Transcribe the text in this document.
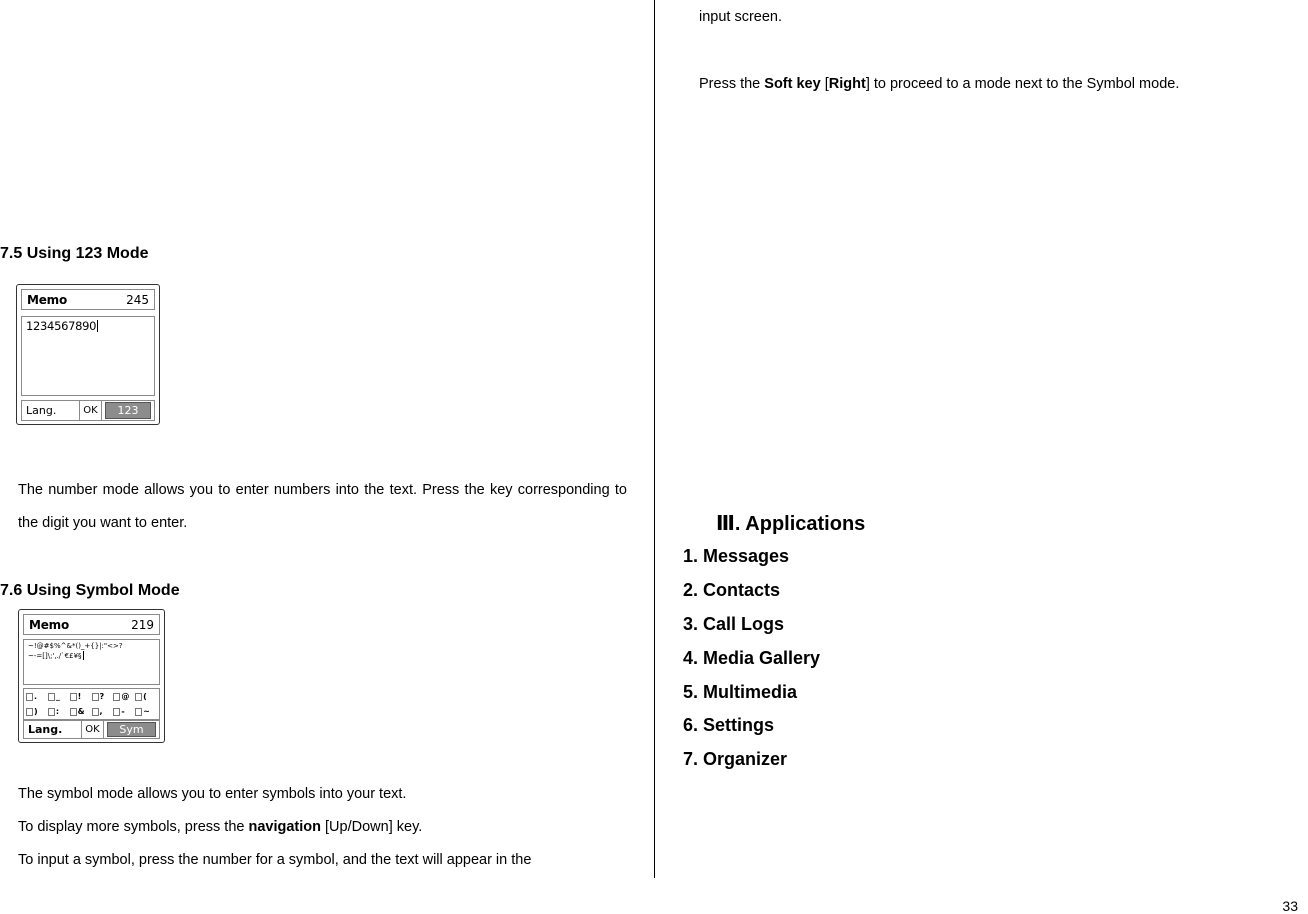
7.5 Using 123 Mode
Memo	245
1234567890
Lang.	OK	123
The number mode allows you to enter numbers into the text. Press the key corresponding to the digit you want to enter.
7.6 Using Symbol Mode
Memo	219
~!@#$%^&*()_+{}|:"<>?
~-=[]\;',./`€£¥§
. _ ! ? @ (
) : & , - ~
Lang.	OK	Sym
The symbol mode allows you to enter symbols into your text.
To display more symbols, press the navigation [Up/Down] key.
To input a symbol, press the number for a symbol, and the text will appear in the
input screen.
Press the Soft key [Right] to proceed to a mode next to the Symbol mode.
Ⅲ. Applications
1. Messages
2. Contacts
3. Call Logs
4. Media Gallery
5. Multimedia
6. Settings
7. Organizer
33
